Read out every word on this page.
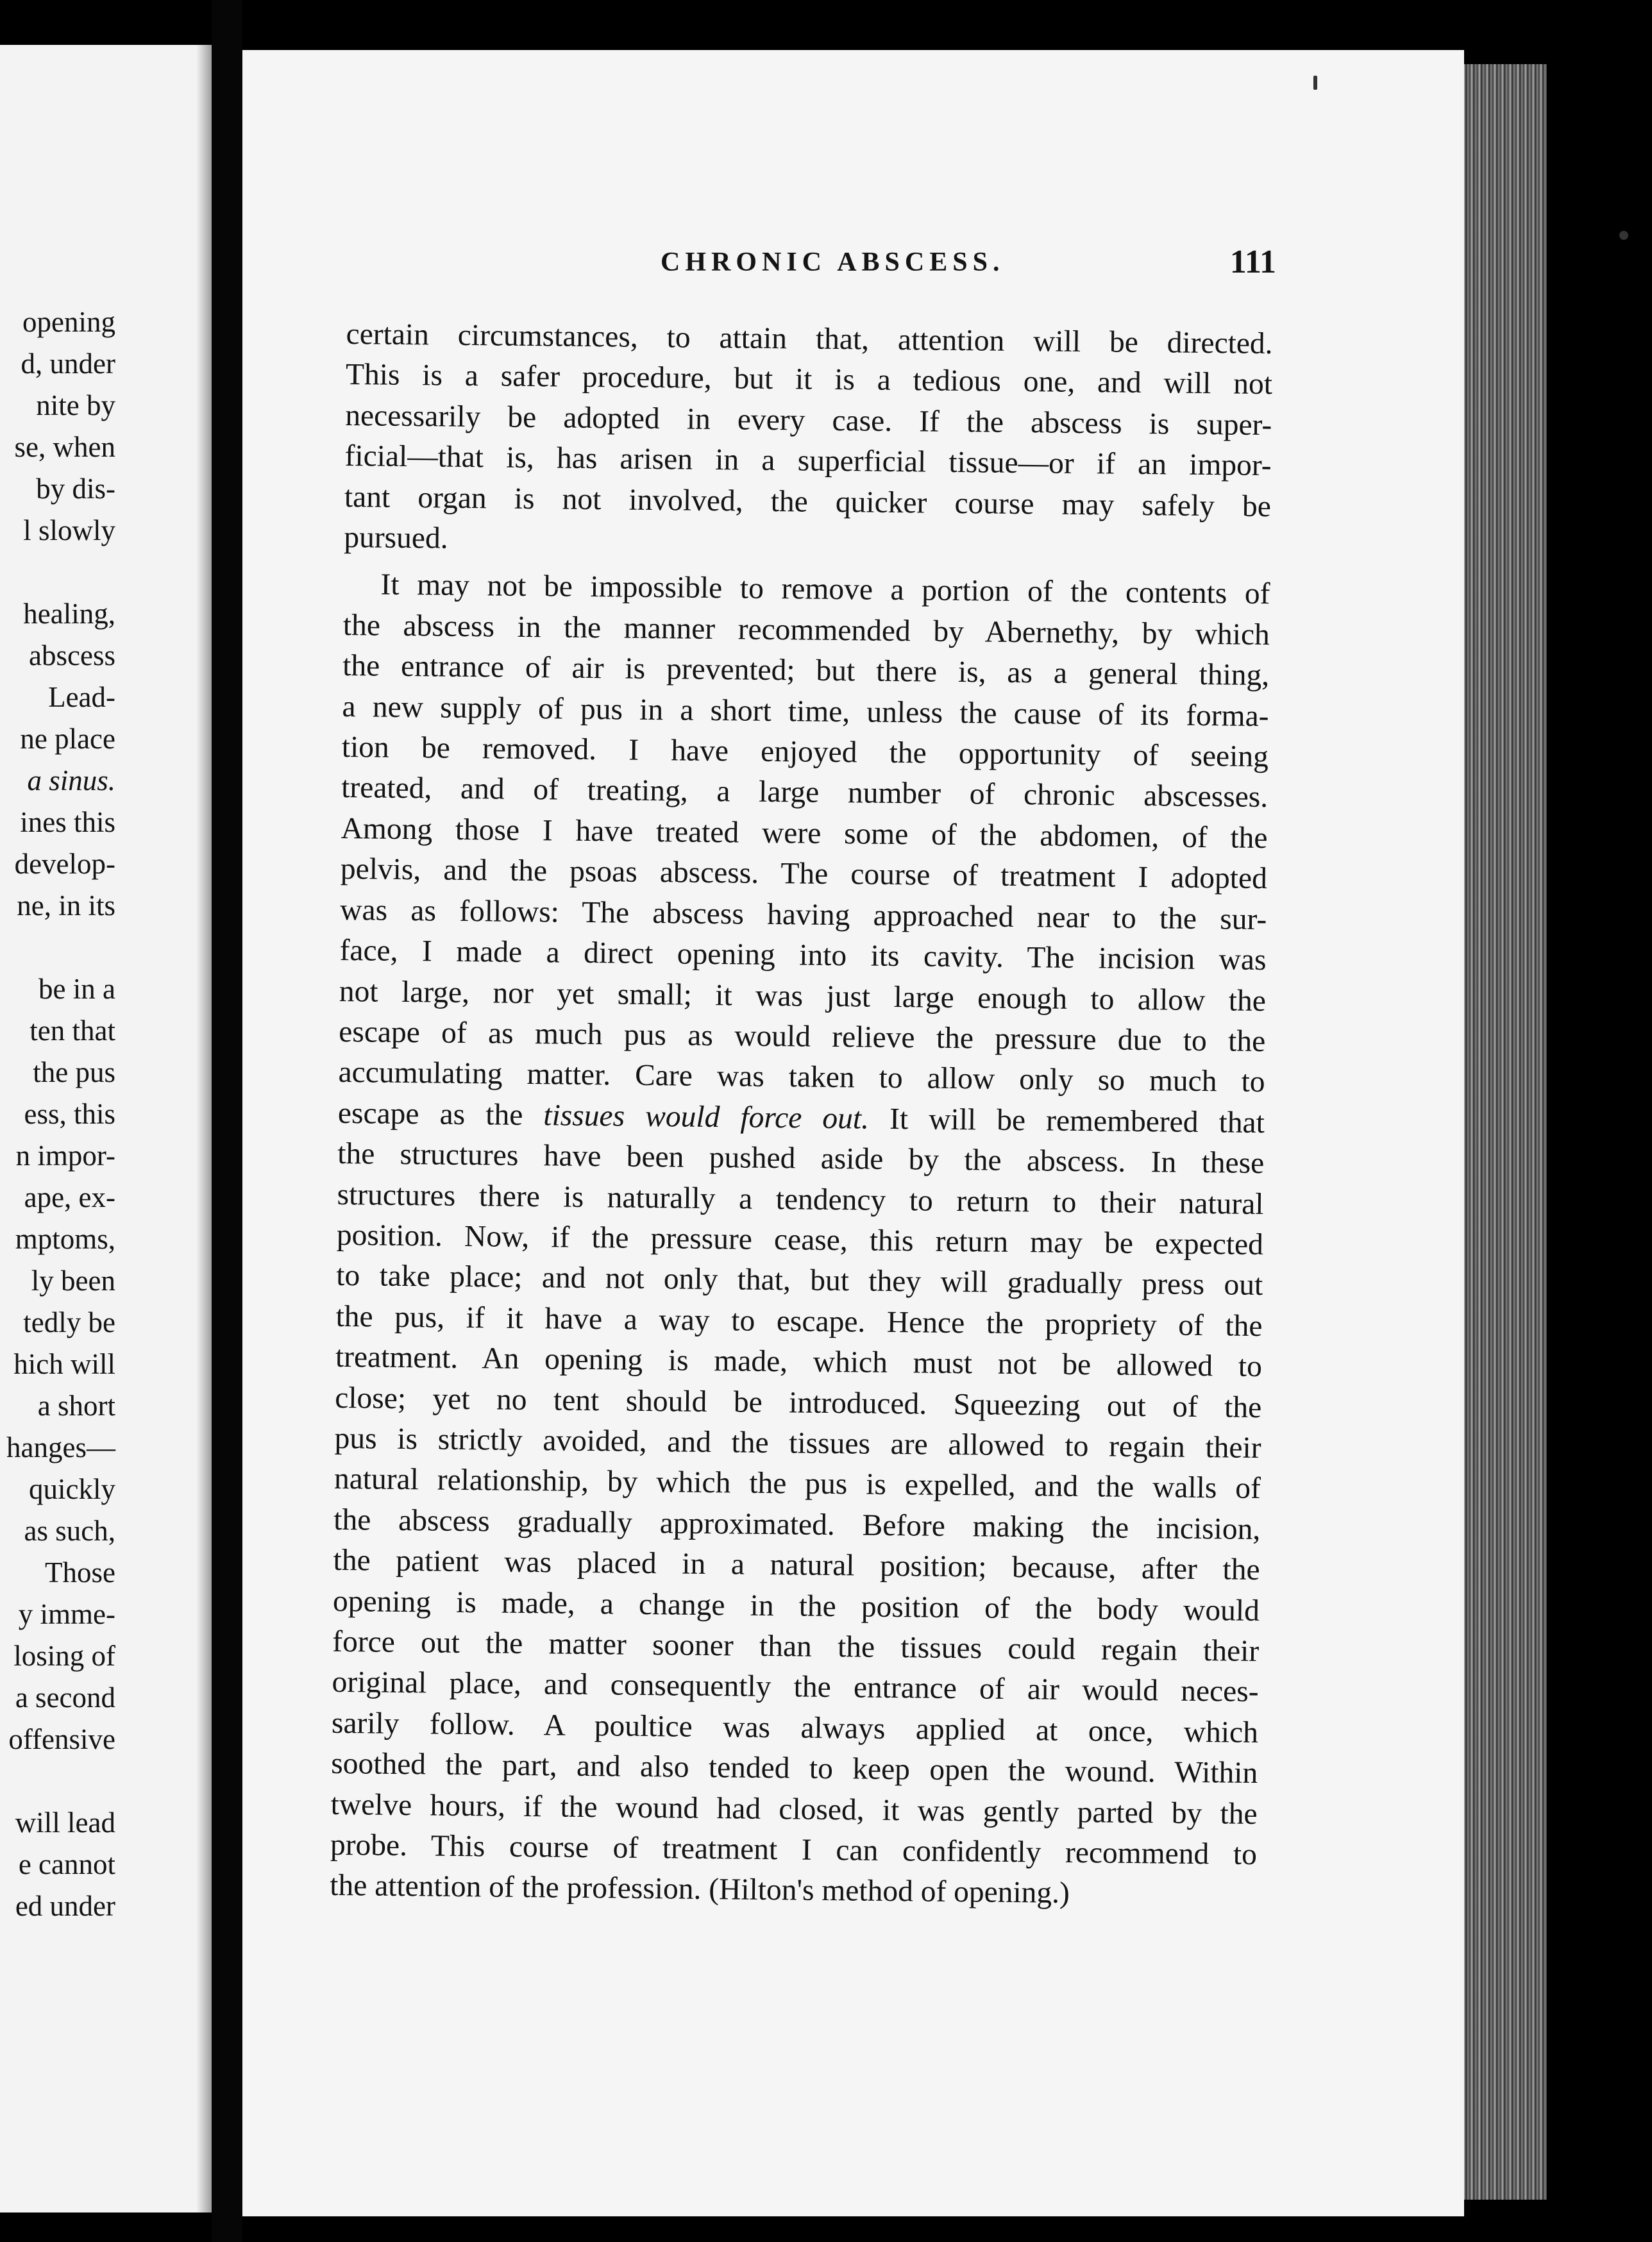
opening
d, under
nite by
se, when
by dis-
l slowly
healing,
abscess
Lead-
ne place
a sinus.
ines this
develop-
ne, in its
be in a
ten that
the pus
ess, this
n impor-
ape, ex-
mptoms,
ly been
tedly be
hich will
a short
hanges—
quickly
as such,
Those
y imme-
losing of
a second
offensive
will lead
e cannot
ed under
CHRONIC ABSCESS.	111
certain circumstances, to attain that, attention will be directed.
This is a safer procedure, but it is a tedious one, and will not
necessarily be adopted in every case. If the abscess is super-
ficial—that is, has arisen in a superficial tissue—or if an impor-
tant organ is not involved, the quicker course may safely be
pursued.
It may not be impossible to remove a portion of the contents of
the abscess in the manner recommended by Abernethy, by which
the entrance of air is prevented; but there is, as a general thing,
a new supply of pus in a short time, unless the cause of its forma-
tion be removed. I have enjoyed the opportunity of seeing
treated, and of treating, a large number of chronic abscesses.
Among those I have treated were some of the abdomen, of the
pelvis, and the psoas abscess. The course of treatment I adopted
was as follows: The abscess having approached near to the sur-
face, I made a direct opening into its cavity. The incision was
not large, nor yet small; it was just large enough to allow the
escape of as much pus as would relieve the pressure due to the
accumulating matter. Care was taken to allow only so much to
escape as the tissues would force out. It will be remembered that
the structures have been pushed aside by the abscess. In these
structures there is naturally a tendency to return to their natural
position. Now, if the pressure cease, this return may be expected
to take place; and not only that, but they will gradually press out
the pus, if it have a way to escape. Hence the propriety of the
treatment. An opening is made, which must not be allowed to
close; yet no tent should be introduced. Squeezing out of the
pus is strictly avoided, and the tissues are allowed to regain their
natural relationship, by which the pus is expelled, and the walls of
the abscess gradually approximated. Before making the incision,
the patient was placed in a natural position; because, after the
opening is made, a change in the position of the body would
force out the matter sooner than the tissues could regain their
original place, and consequently the entrance of air would neces-
sarily follow. A poultice was always applied at once, which
soothed the part, and also tended to keep open the wound. Within
twelve hours, if the wound had closed, it was gently parted by the
probe. This course of treatment I can confidently recommend to
the attention of the profession. (Hilton's method of opening.)
